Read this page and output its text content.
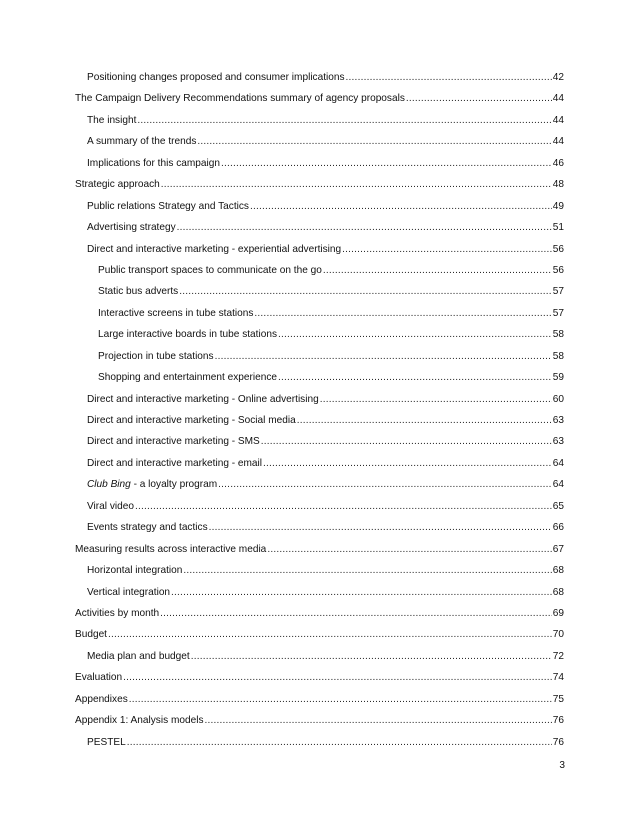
Positioning changes proposed and consumer implications .....	42
The Campaign Delivery Recommendations summary of agency proposals .....	44
The insight .....	44
A summary of the trends .....	44
Implications for this campaign .....	46
Strategic approach .....	48
Public relations Strategy and Tactics .....	49
Advertising strategy .....	51
Direct and interactive marketing - experiential advertising .....	56
Public transport spaces to communicate on the go .....	56
Static bus adverts .....	57
Interactive screens in tube stations .....	57
Large interactive boards in tube stations .....	58
Projection in tube stations .....	58
Shopping and entertainment experience .....	59
Direct and interactive marketing - Online advertising .....	60
Direct and interactive marketing - Social media .....	63
Direct and interactive marketing - SMS .....	63
Direct and interactive marketing - email .....	64
Club Bing - a loyalty program .....	64
Viral video .....	65
Events strategy and tactics .....	66
Measuring results across interactive media .....	67
Horizontal integration .....	68
Vertical integration .....	68
Activities by month .....	69
Budget .....	70
Media plan and budget .....	72
Evaluation .....	74
Appendixes .....	75
Appendix 1: Analysis models .....	76
PESTEL .....	76
3
